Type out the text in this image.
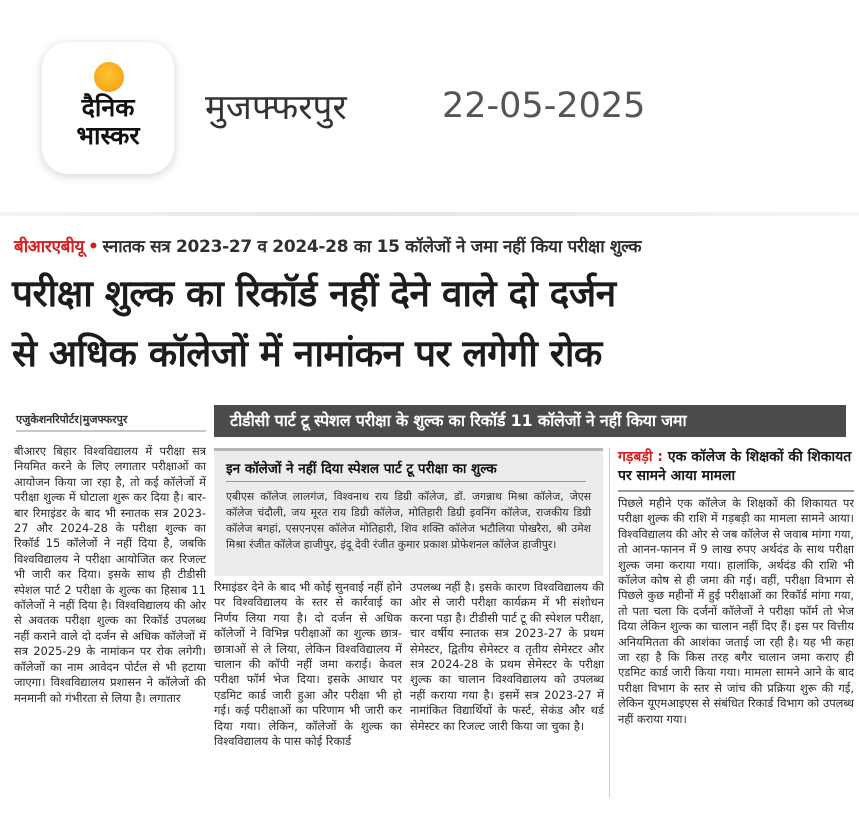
दैनिक
भास्कर
मुजफ्फरपुर	22-05-2025
बीआरएबीयू • स्नातक सत्र 2023-27 व 2024-28 का 15 कॉलेजों ने जमा नहीं किया परीक्षा शुल्क
परीक्षा शुल्क का रिकॉर्ड नहीं देने वाले दो दर्जन
से अधिक कॉलेजों में नामांकन पर लगेगी रोक
एजुकेशनरिपोर्टर|मुजफ्फरपुर	टीडीसी पार्ट टू स्पेशल परीक्षा के शुल्क का रिकॉर्ड 11 कॉलेजों ने नहीं किया जमा
बीआरए बिहार विश्वविद्यालय में परीक्षा सत्र नियमित करने के लिए लगातार परीक्षाओं का आयोजन किया जा रहा है, तो कई कॉलेजों में परीक्षा शुल्क में घोटाला शुरू कर दिया है। बार-बार रिमाइंडर के बाद भी स्नातक सत्र 2023-27 और 2024-28 के परीक्षा शुल्क का रिकॉर्ड 15 कॉलेजों ने नहीं दिया है, जबकि विश्वविद्यालय ने परीक्षा आयोजित कर रिजल्ट भी जारी कर दिया। इसके साथ ही टीडीसी स्पेशल पार्ट 2 परीक्षा के शुल्क का हिसाब 11 कॉलेजों ने नहीं दिया है। विश्वविद्यालय की ओर से अवतक परीक्षा शुल्क का रिकॉर्ड उपलब्ध नहीं कराने वाले दो दर्जन से अधिक कॉलेजों में सत्र 2025-29 के नामांकन पर रोक लगेगी। कॉलेजों का नाम आवेदन पोर्टल से भी हटाया जाएगा। विश्वविद्यालय प्रशासन ने कॉलेजों की मनमानी को गंभीरता से लिया है। लगातार
इन कॉलेजों ने नहीं दिया स्पेशल पार्ट टू परीक्षा का शुल्क
एबीएस कॉलेज लालगंज, विश्वनाथ राय डिग्री कॉलेज, डॉ. जगन्नाथ मिश्रा कॉलेज, जेएस कॉलेज चंदौली, जय मूरत राय डिग्री कॉलेज, मोतिहारी डिग्री इवनिंग कॉलेज, राजकीय डिग्री कॉलेज बगहां, एसएनएस कॉलेज मोतिहारी, शिव शक्ति कॉलेज भटौलिया पोखरैरा, श्री उमेश मिश्रा रंजीत कॉलेज हाजीपुर, इंदू देवी रंजीत कुमार प्रकाश प्रोफेशनल कॉलेज हाजीपुर।
रिमाइंडर देने के बाद भी कोई सुनवाई नहीं होने पर विश्वविद्यालय के स्तर से कार्रवाई का निर्णय लिया गया है। दो दर्जन से अधिक कॉलेजों ने विभिन्न परीक्षाओं का शुल्क छात्र-छात्राओं से ले लिया, लेकिन विश्वविद्यालय में चालान की कॉपी नहीं जमा कराई। केवल परीक्षा फॉर्म भेज दिया। इसके आधार पर एडमिट कार्ड जारी हुआ और परीक्षा भी हो गई। कई परीक्षाओं का परिणाम भी जारी कर दिया गया। लेकिन, कॉलेजों के शुल्क का विश्वविद्यालय के पास कोई रिकार्ड
उपलब्ध नहीं है। इसके कारण विश्वविद्यालय की ओर से जारी परीक्षा कार्यक्रम में भी संशोधन करना पड़ा है। टीडीसी पार्ट टू की स्पेशल परीक्षा, चार वर्षीय स्नातक सत्र 2023-27 के प्रथम सेमेस्टर, द्वितीय सेमेस्टर व तृतीय सेमेस्टर और सत्र 2024-28 के प्रथम सेमेस्टर के परीक्षा शुल्क का चालान विश्वविद्यालय को उपलब्ध नहीं कराया गया है। इसमें सत्र 2023-27 में नामांकित विद्यार्थियों के फर्स्ट, सेकंड और थर्ड सेमेस्टर का रिजल्ट जारी किया जा चुका है।
गड़बड़ी : एक कॉलेज के शिक्षकों की शिकायत पर सामने आया मामला
पिछले महीने एक कॉलेज के शिक्षकों की शिकायत पर परीक्षा शुल्क की राशि में गड़बड़ी का मामला सामने आया। विश्वविद्यालय की ओर से जब कॉलेज से जवाब मांगा गया, तो आनन-फानन में 9 लाख रुपए अर्थदंड के साथ परीक्षा शुल्क जमा कराया गया। हालांकि, अर्थदंड की राशि भी कॉलेज कोष से ही जमा की गई। वहीं, परीक्षा विभाग से पिछले कुछ महीनों में हुई परीक्षाओं का रिकॉर्ड मांगा गया, तो पता चला कि दर्जनों कॉलेजों ने परीक्षा फॉर्म तो भेज दिया लेकिन शुल्क का चालान नहीं दिए हैं। इस पर वित्तीय अनियमितता की आशंका जताई जा रही है। यह भी कहा जा रहा है कि किस तरह बगैर चालान जमा कराए ही एडमिट कार्ड जारी किया गया। मामला सामने आने के बाद परीक्षा विभाग के स्तर से जांच की प्रक्रिया शुरू की गई, लेकिन यूएमआइएस से संबंधित रिकार्ड विभाग को उपलब्ध नहीं कराया गया।
